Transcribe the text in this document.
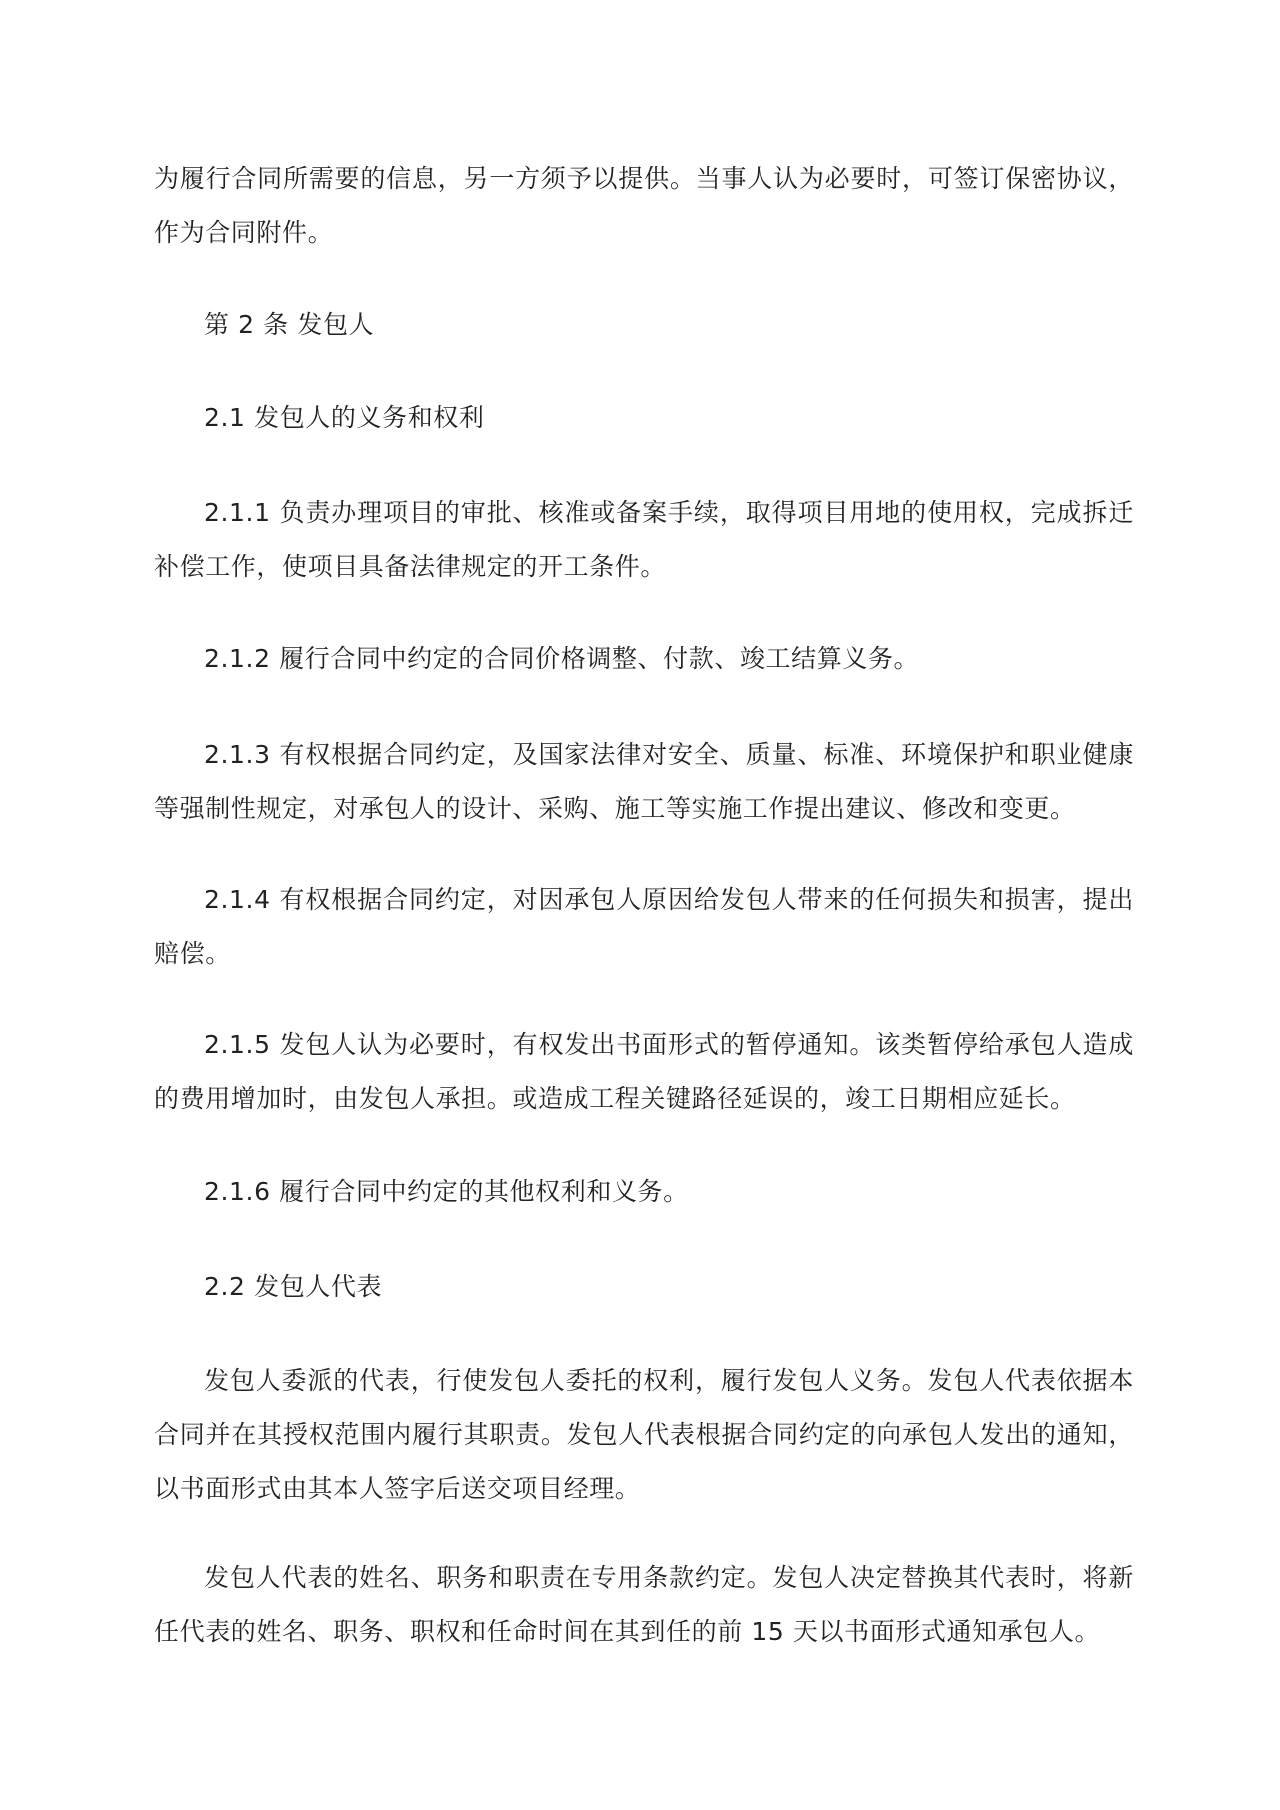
为履行合同所需要的信息，另一方须予以提供。当事人认为必要时，可签订保密协议，作为合同附件。

第 2 条 发包人

2.1 发包人的义务和权利

2.1.1 负责办理项目的审批、核准或备案手续，取得项目用地的使用权，完成拆迁补偿工作，使项目具备法律规定的开工条件。

2.1.2 履行合同中约定的合同价格调整、付款、竣工结算义务。

2.1.3 有权根据合同约定，及国家法律对安全、质量、标准、环境保护和职业健康等强制性规定，对承包人的设计、采购、施工等实施工作提出建议、修改和变更。

2.1.4 有权根据合同约定，对因承包人原因给发包人带来的任何损失和损害，提出赔偿。

2.1.5 发包人认为必要时，有权发出书面形式的暂停通知。该类暂停给承包人造成的费用增加时，由发包人承担。或造成工程关键路径延误的，竣工日期相应延长。

2.1.6 履行合同中约定的其他权利和义务。

2.2 发包人代表

发包人委派的代表，行使发包人委托的权利，履行发包人义务。发包人代表依据本合同并在其授权范围内履行其职责。发包人代表根据合同约定的向承包人发出的通知，以书面形式由其本人签字后送交项目经理。

发包人代表的姓名、职务和职责在专用条款约定。发包人决定替换其代表时，将新任代表的姓名、职务、职权和任命时间在其到任的前 15 天以书面形式通知承包人。
